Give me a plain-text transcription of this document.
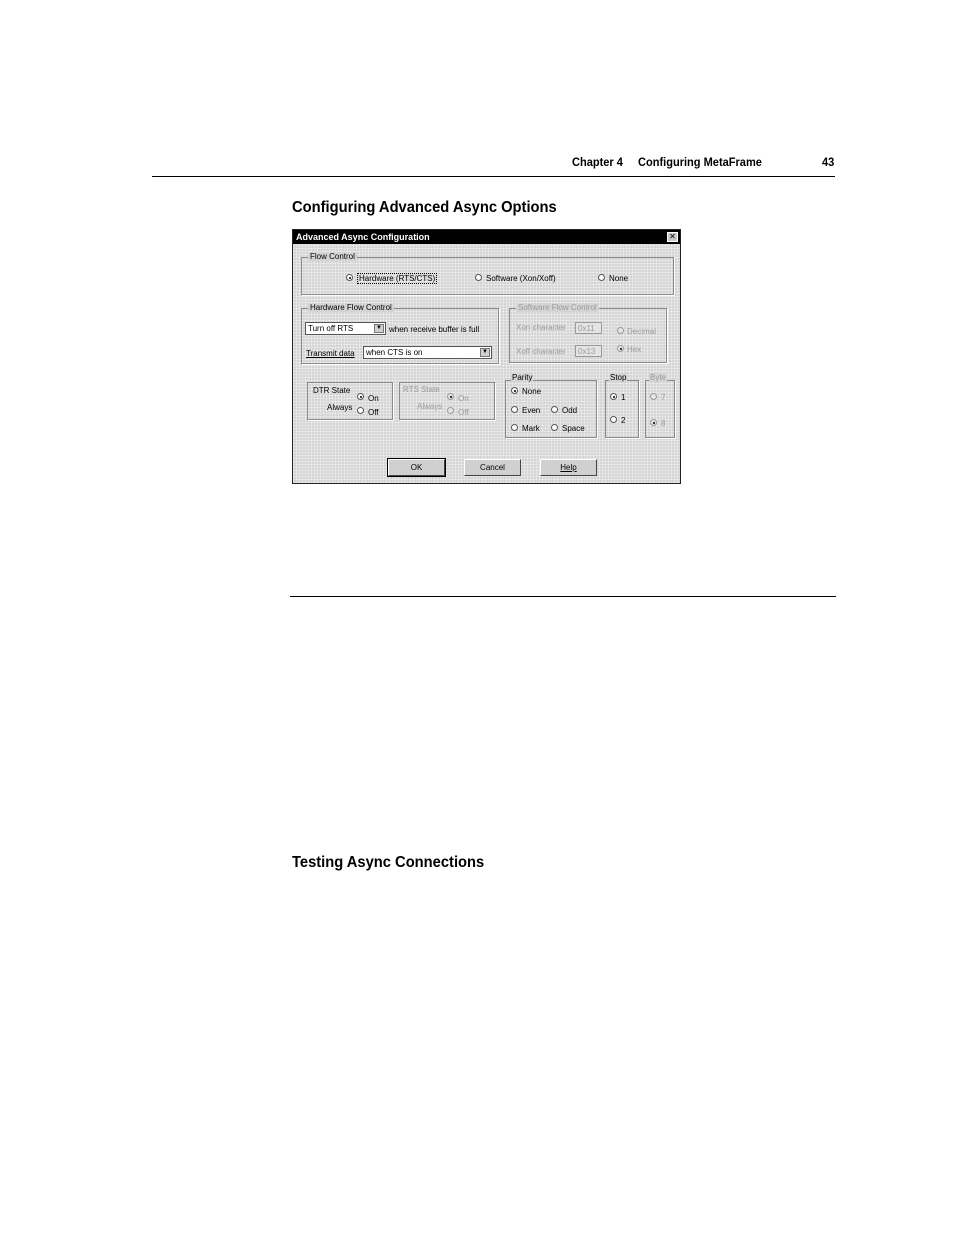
Chapter 4 Configuring MetaFrame	43
Configuring Advanced Async Options
Advanced Async Configuration	✕
Flow Control
Hardware (RTS/CTS)	Software (Xon/Xoff)	None
Hardware Flow Control
Turn off RTS	▼ when receive buffer is full
Transmit data when CTS is on	▼
Software Flow Control
Xon character 0x11
Xoff character 0x13
Decimal
Hex
DTR State
Always
On
Off
RTS State
Always
On
Off
Parity
None
Even	Odd
Mark	Space
Stop
1
2
Byte
7
8
OK	Cancel	Help
Testing Async Connections
